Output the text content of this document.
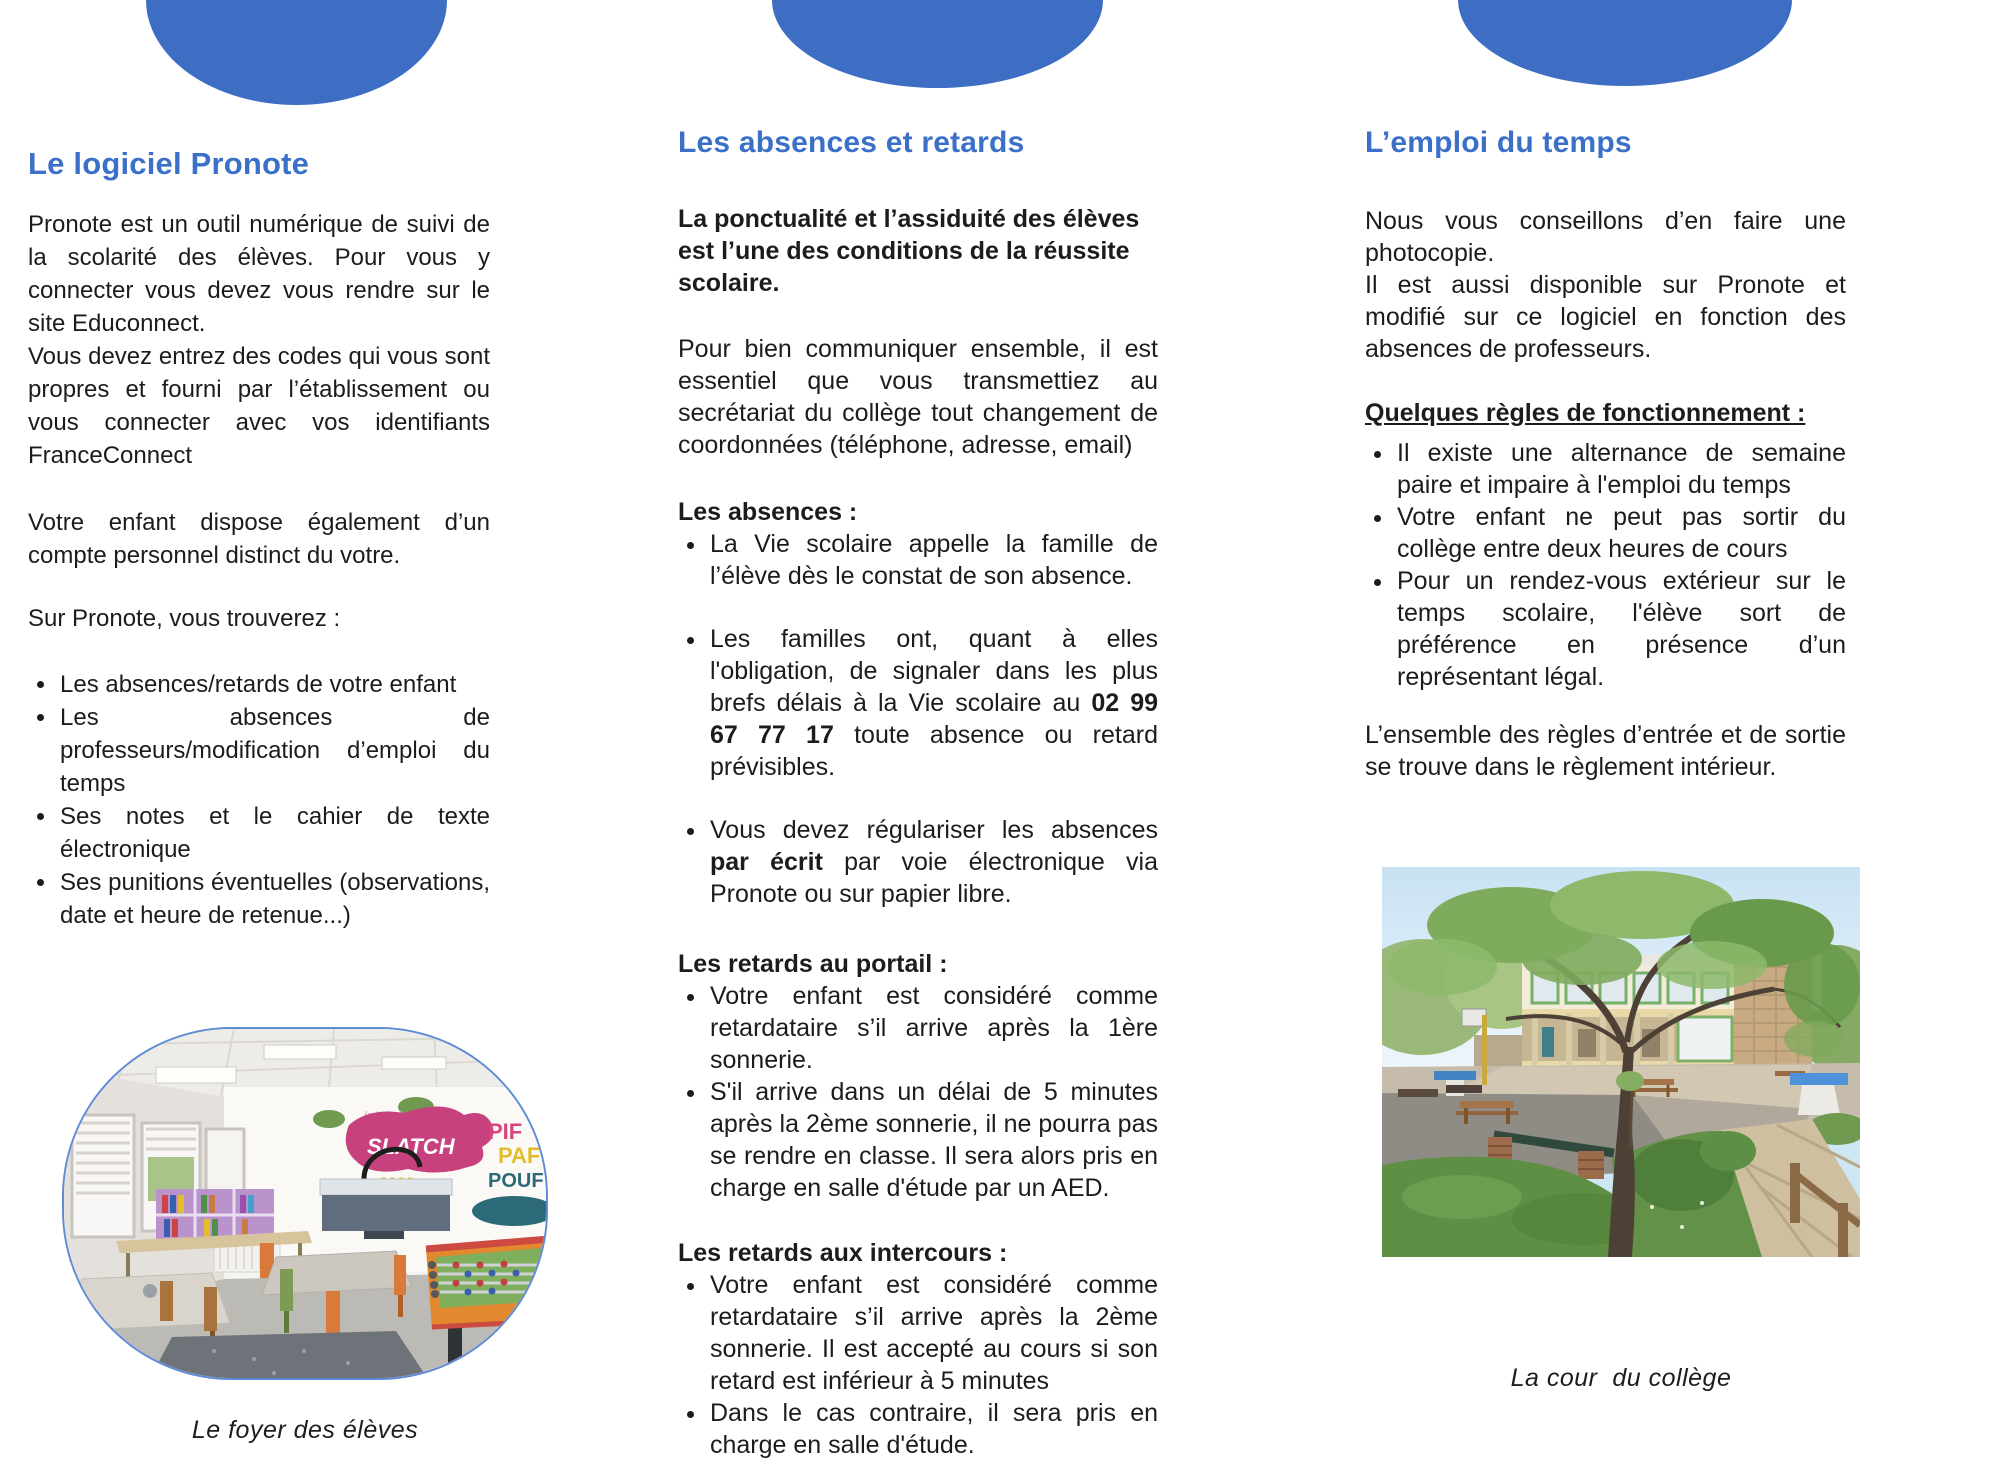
Le logiciel Pronote

Pronote est un outil numérique de suivi de la scolarité des élèves. Pour vous y connecter vous devez vous rendre sur le site Educonnect.

Vous devez entrez des codes qui vous sont propres et fourni par l’établissement ou vous connecter avec vos identifiants FranceConnect

Votre enfant dispose également d’un compte personnel distinct du votre.

Sur Pronote, vous trouverez :

• Les absences/retards de votre enfant
• Les absences de professeurs/modification d’emploi du temps
• Ses notes et le cahier de texte électronique
• Ses punitions éventuelles (observations, date et heure de retenue...)
SLATCH
PIF
PAF
POUF
Le foyer des élèves
Les absences et retards
La ponctualité et l’assiduité des élèves
est l’une des conditions de la réussite scolaire.

Pour bien communiquer ensemble, il est essentiel que vous transmettiez au secrétariat du collège tout changement de coordonnées (téléphone, adresse, email)

Les absences :
• La Vie scolaire appelle la famille de l’élève dès le constat de son absence.
• Les familles ont, quant à elles l'obligation, de signaler dans les plus brefs délais à la Vie scolaire au 02 99 67 77 17 toute absence ou retard prévisibles.
• Vous devez régulariser les absences par écrit par voie électronique via Pronote ou sur papier libre.
Les retards au portail :
• Votre enfant est considéré comme retardataire s’il arrive après la 1ère sonnerie.
• S'il arrive dans un délai de 5 minutes après la 2ème sonnerie, il ne pourra pas se rendre en classe. Il sera alors pris en charge en salle d'étude par un AED.
Les retards aux intercours :
• Votre enfant est considéré comme retardataire s’il arrive après la 2ème sonnerie. Il est accepté au cours si son retard est inférieur à 5 minutes
• Dans le cas contraire, il sera pris en charge en salle d'étude.
L’emploi du temps

Nous vous conseillons d’en faire une photocopie.

Il est aussi disponible sur Pronote et modifié sur ce logiciel en fonction des absences de professeurs.

Quelques règles de fonctionnement :
• Il existe une alternance de semaine paire et impaire à l'emploi du temps
• Votre enfant ne peut pas sortir du collège entre deux heures de cours
• Pour un rendez-vous extérieur sur le temps scolaire, l'élève sort de préférence en présence d’un représentant légal.

L’ensemble des règles d’entrée et de sortie se trouve dans le règlement intérieur.

La cour  du collège
